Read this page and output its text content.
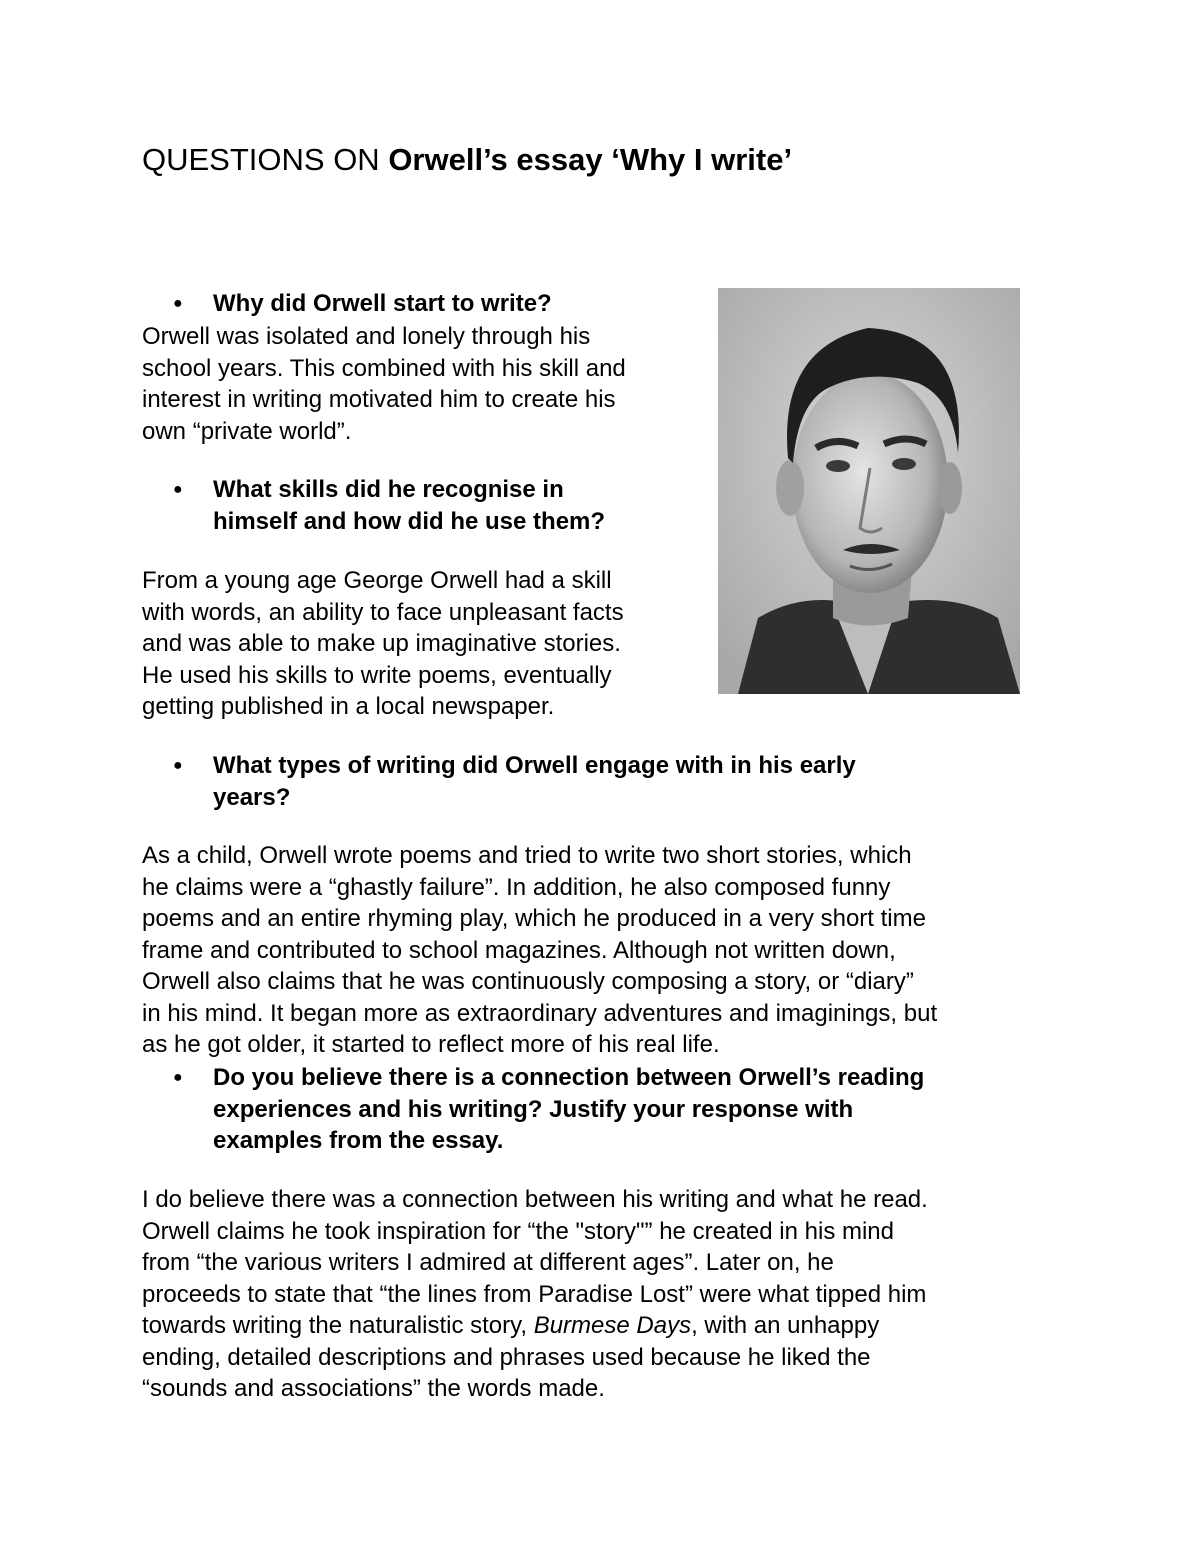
QUESTIONS ON Orwell’s essay ‘Why I write’
● Why did Orwell start to write?
Orwell was isolated and lonely through his
school years. This combined with his skill and
interest in writing motivated him to create his
own “private world”.
●	What skills did he recognise in
himself and how did he use them?
From a young age George Orwell had a skill
with words, an ability to face unpleasant facts
and was able to make up imaginative stories.
He used his skills to write poems, eventually
getting published in a local newspaper.
●	What types of writing did Orwell engage with in his early
years?
As a child, Orwell wrote poems and tried to write two short stories, which
he claims were a “ghastly failure”. In addition, he also composed funny
poems and an entire rhyming play, which he produced in a very short time
frame and contributed to school magazines. Although not written down,
Orwell also claims that he was continuously composing a story, or “diary”
in his mind. It began more as extraordinary adventures and imaginings, but
as he got older, it started to reflect more of his real life.
●	Do you believe there is a connection between Orwell’s reading
experiences and his writing? Justify your response with
examples from the essay.
I do believe there was a connection between his writing and what he read.
Orwell claims he took inspiration for “the "story"” he created in his mind
from “the various writers I admired at different ages”. Later on, he
proceeds to state that “the lines from Paradise Lost” were what tipped him
towards writing the naturalistic story, Burmese Days, with an unhappy
ending, detailed descriptions and phrases used because he liked the
“sounds and associations” the words made.
